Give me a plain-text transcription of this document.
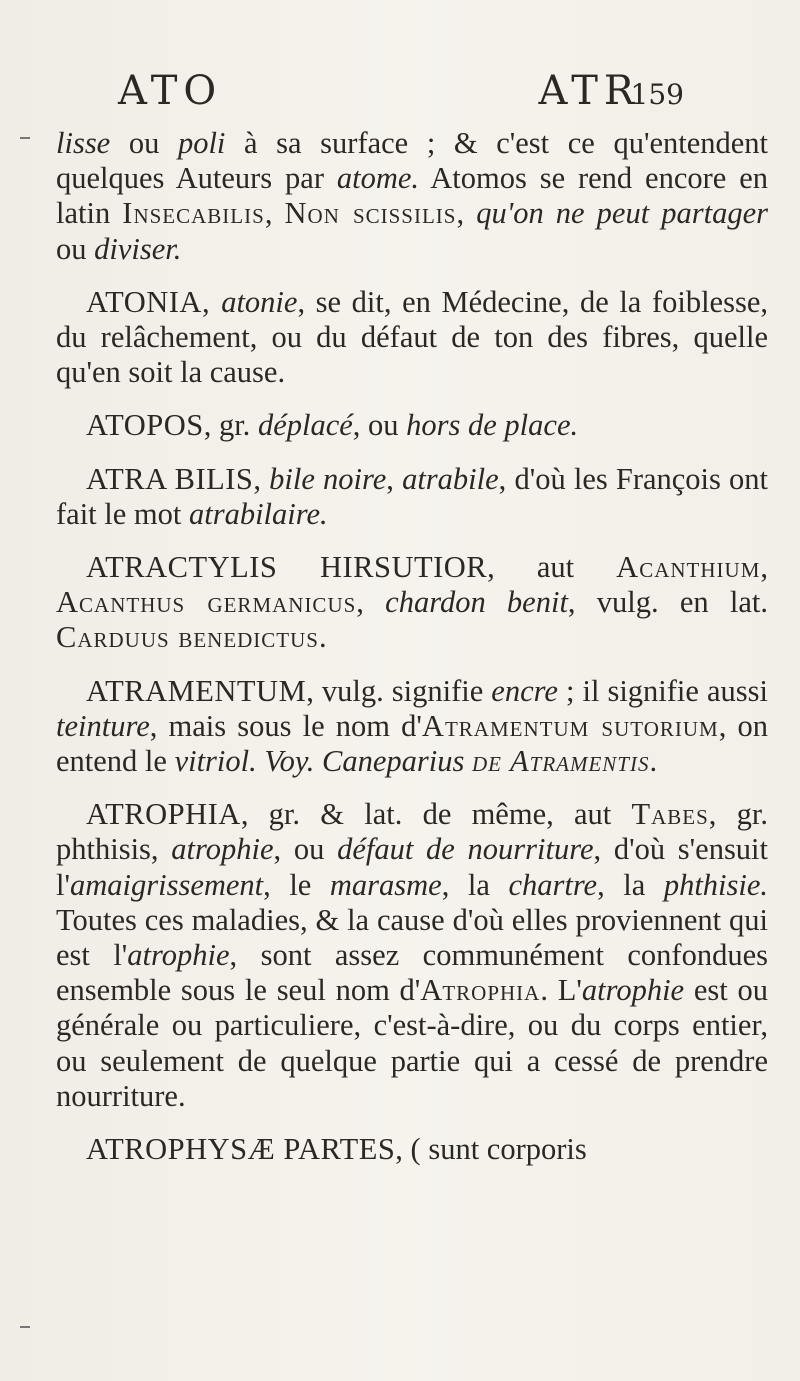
ATO	ATR
159

lisse ou poli à sa surface ; & c'est ce qu'entendent quelques Auteurs par atome. Atomos se rend encore en latin Insecabilis, Non scissilis, qu'on ne peut partager ou diviser.

ATONIA, atonie, se dit, en Médecine, de la foiblesse, du relâchement, ou du défaut de ton des fibres, quelle qu'en soit la cause.

ATOPOS, gr. déplacé, ou hors de place.

ATRA BILIS, bile noire, atrabile, d'où les François ont fait le mot atrabilaire.

ATRACTYLIS HIRSUTIOR, aut Acanthium, Acanthus germanicus, chardon benit, vulg. en lat. Carduus benedictus.

ATRAMENTUM, vulg. signifie encre ; il signifie aussi teinture, mais sous le nom d'Atramentum sutorium, on entend le vitriol. Voy. Caneparius de Atramentis.

ATROPHIA, gr. & lat. de même, aut Tabes, gr. phthisis, atrophie, ou défaut de nourriture, d'où s'ensuit l'amaigrissement, le marasme, la chartre, la phthisie. Toutes ces maladies, & la cause d'où elles proviennent qui est l'atrophie, sont assez communément confondues ensemble sous le seul nom d'Atrophia. L'atrophie est ou générale ou particuliere, c'est-à-dire, ou du corps entier, ou seulement de quelque partie qui a cessé de prendre nourriture.

ATROPHYSÆ PARTES, ( sunt corporis
